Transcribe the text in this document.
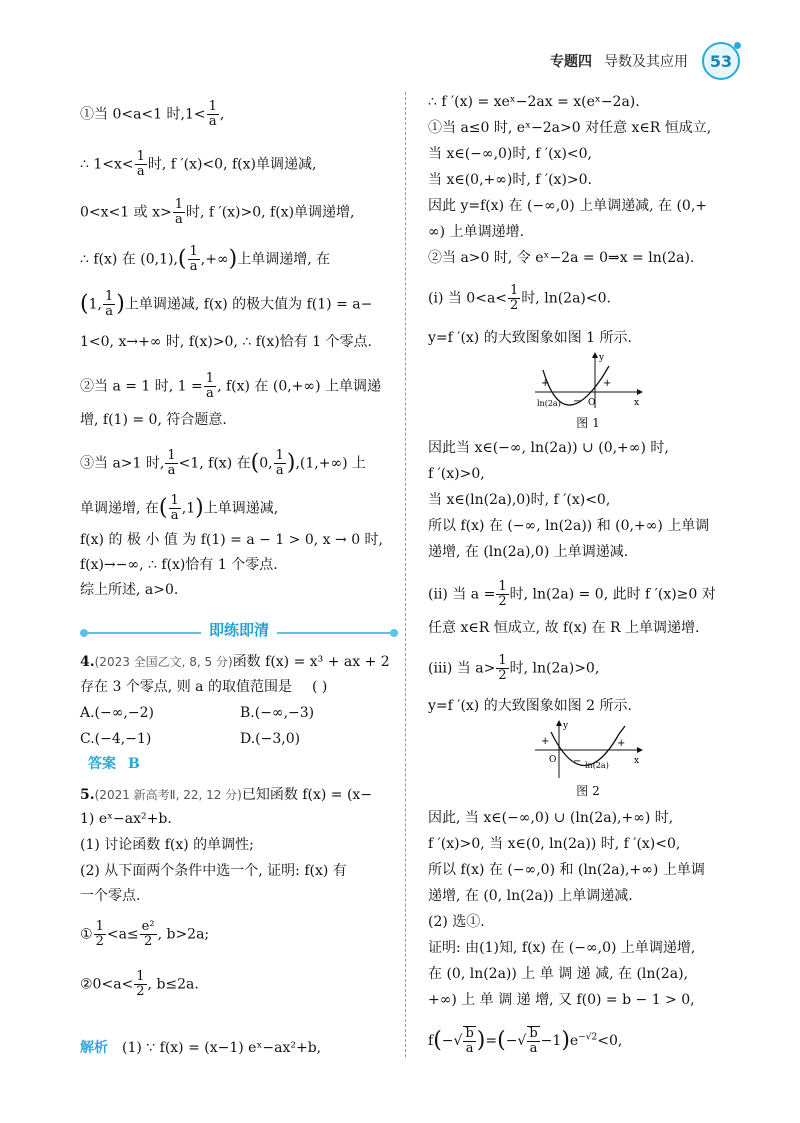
专题四 导数及其应用	53
①当 0<a<1 时$,1< \frac{1}{a}$ ,
∴ $1<x< \frac{1}{a}$ 时, f ′(x)<0, f(x)单调递减,
0<x<1 或 $x> \frac{1}{a}$ 时, f ′(x)>0, f(x)单调递增,
∴ f(x) 在 $(0,1),( \frac{1}{a}$ ,+∞)上单调递增, 在
(1, $\frac{1}{a}$ )上单调递减, f(x) 的极大值为 f(1) = a−
1<0, x→+∞ 时, f(x)>0, ∴ f(x)恰有 1 个零点.
②当 a = 1 时, $1 = \frac{1}{a}$ , f(x) 在 (0,+∞) 上单调递
增, f(1) = 0, 符合题意.
③当 a>1 时, $\frac{1}{a} <1$, f(x) 在(0, $\frac{1}{a} ),(1,+\infty)$ 上
单调递增, 在( $\frac{1}{a} ,1$)上单调递减,
f(x) 的 极 小 值 为 f(1) = a − 1 > 0, x → 0 时,
f(x)→−∞, ∴ f(x)恰有 1 个零点.
综上所述, a>0.
即练即清
4.(2023 全国乙文, 8, 5 分)函数 f(x) = x³ + ax + 2
存在 3 个零点, 则 a 的取值范围是 ( )
A.(−∞,−2)	B.(−∞,−3)
C.(−4,−1)	D.(−3,0)
答案 B
5.(2021 新高考Ⅱ, 22, 12 分)已知函数 f(x) = (x−
1) eˣ−ax²+b.
(1) 讨论函数 f(x) 的单调性;
(2) 从下面两个条件中选一个, 证明: f(x) 有
一个零点.
① $\frac{1}{2} <a\le \frac{\text{e²}}{2}$ , b>2a;
②0<a< $\frac{1}{2}$ , b≤2a.
解析 (1) ∵ f(x) = (x−1) eˣ−ax²+b,
∴ f ′(x) = xeˣ−2ax = x(eˣ−2a).
①当 a≤0 时, eˣ−2a>0 对任意 x∈R 恒成立,
当 x∈(−∞,0)时, f ′(x)<0,
当 x∈(0,+∞)时, f ′(x)>0.
因此 y=f(x) 在 (−∞,0) 上单调递减, 在 (0,+
∞) 上单调递增.
②当 a>0 时, 令 eˣ−2a = 0⇒x = ln(2a).
(ⅰ) 当 $0<a< \frac{1}{2}$ 时, ln(2a)<0.
y=f ′(x) 的大致图象如图 1 所示.
y
x
O
ln(2a)
+
−
+
图 1
因此当 x∈(−∞, ln(2a)) ∪ (0,+∞) 时,
f ′(x)>0,
当 x∈(ln(2a),0)时, f ′(x)<0,
所以 f(x) 在 (−∞, ln(2a)) 和 (0,+∞) 上单调
递增, 在 (ln(2a),0) 上单调递减.
(ⅱ) 当 $a = \frac{1}{2}$ 时, ln(2a) = 0, 此时 f ′(x)≥0 对
任意 x∈R 恒成立, 故 f(x) 在 R 上单调递增.
(ⅲ) 当 $a> \frac{1}{2}$ 时, ln(2a)>0,
y=f ′(x) 的大致图象如图 2 所示.
y
x
O
ln(2a)
+
−
+
图 2
因此, 当 x∈(−∞,0) ∪ (ln(2a),+∞) 时,
f ′(x)>0, 当 x∈(0, ln(2a)) 时, f ′(x)<0,
所以 f(x) 在 (−∞,0) 和 (ln(2a),+∞) 上单调
递增, 在 (0, ln(2a)) 上单调递减.
(2) 选①.
证明: 由(1)知, f(x) 在 (−∞,0) 上单调递增,
在 (0, ln(2a)) 上 单 调 递 减, 在 (ln(2a),
+∞) 上 单 调 递 增, 又 f(0) = b − 1 > 0,
$f(-√ \frac{b}{a}$ )=(−√ $\frac{b}{a} -1)e^{-√2}<0$,
